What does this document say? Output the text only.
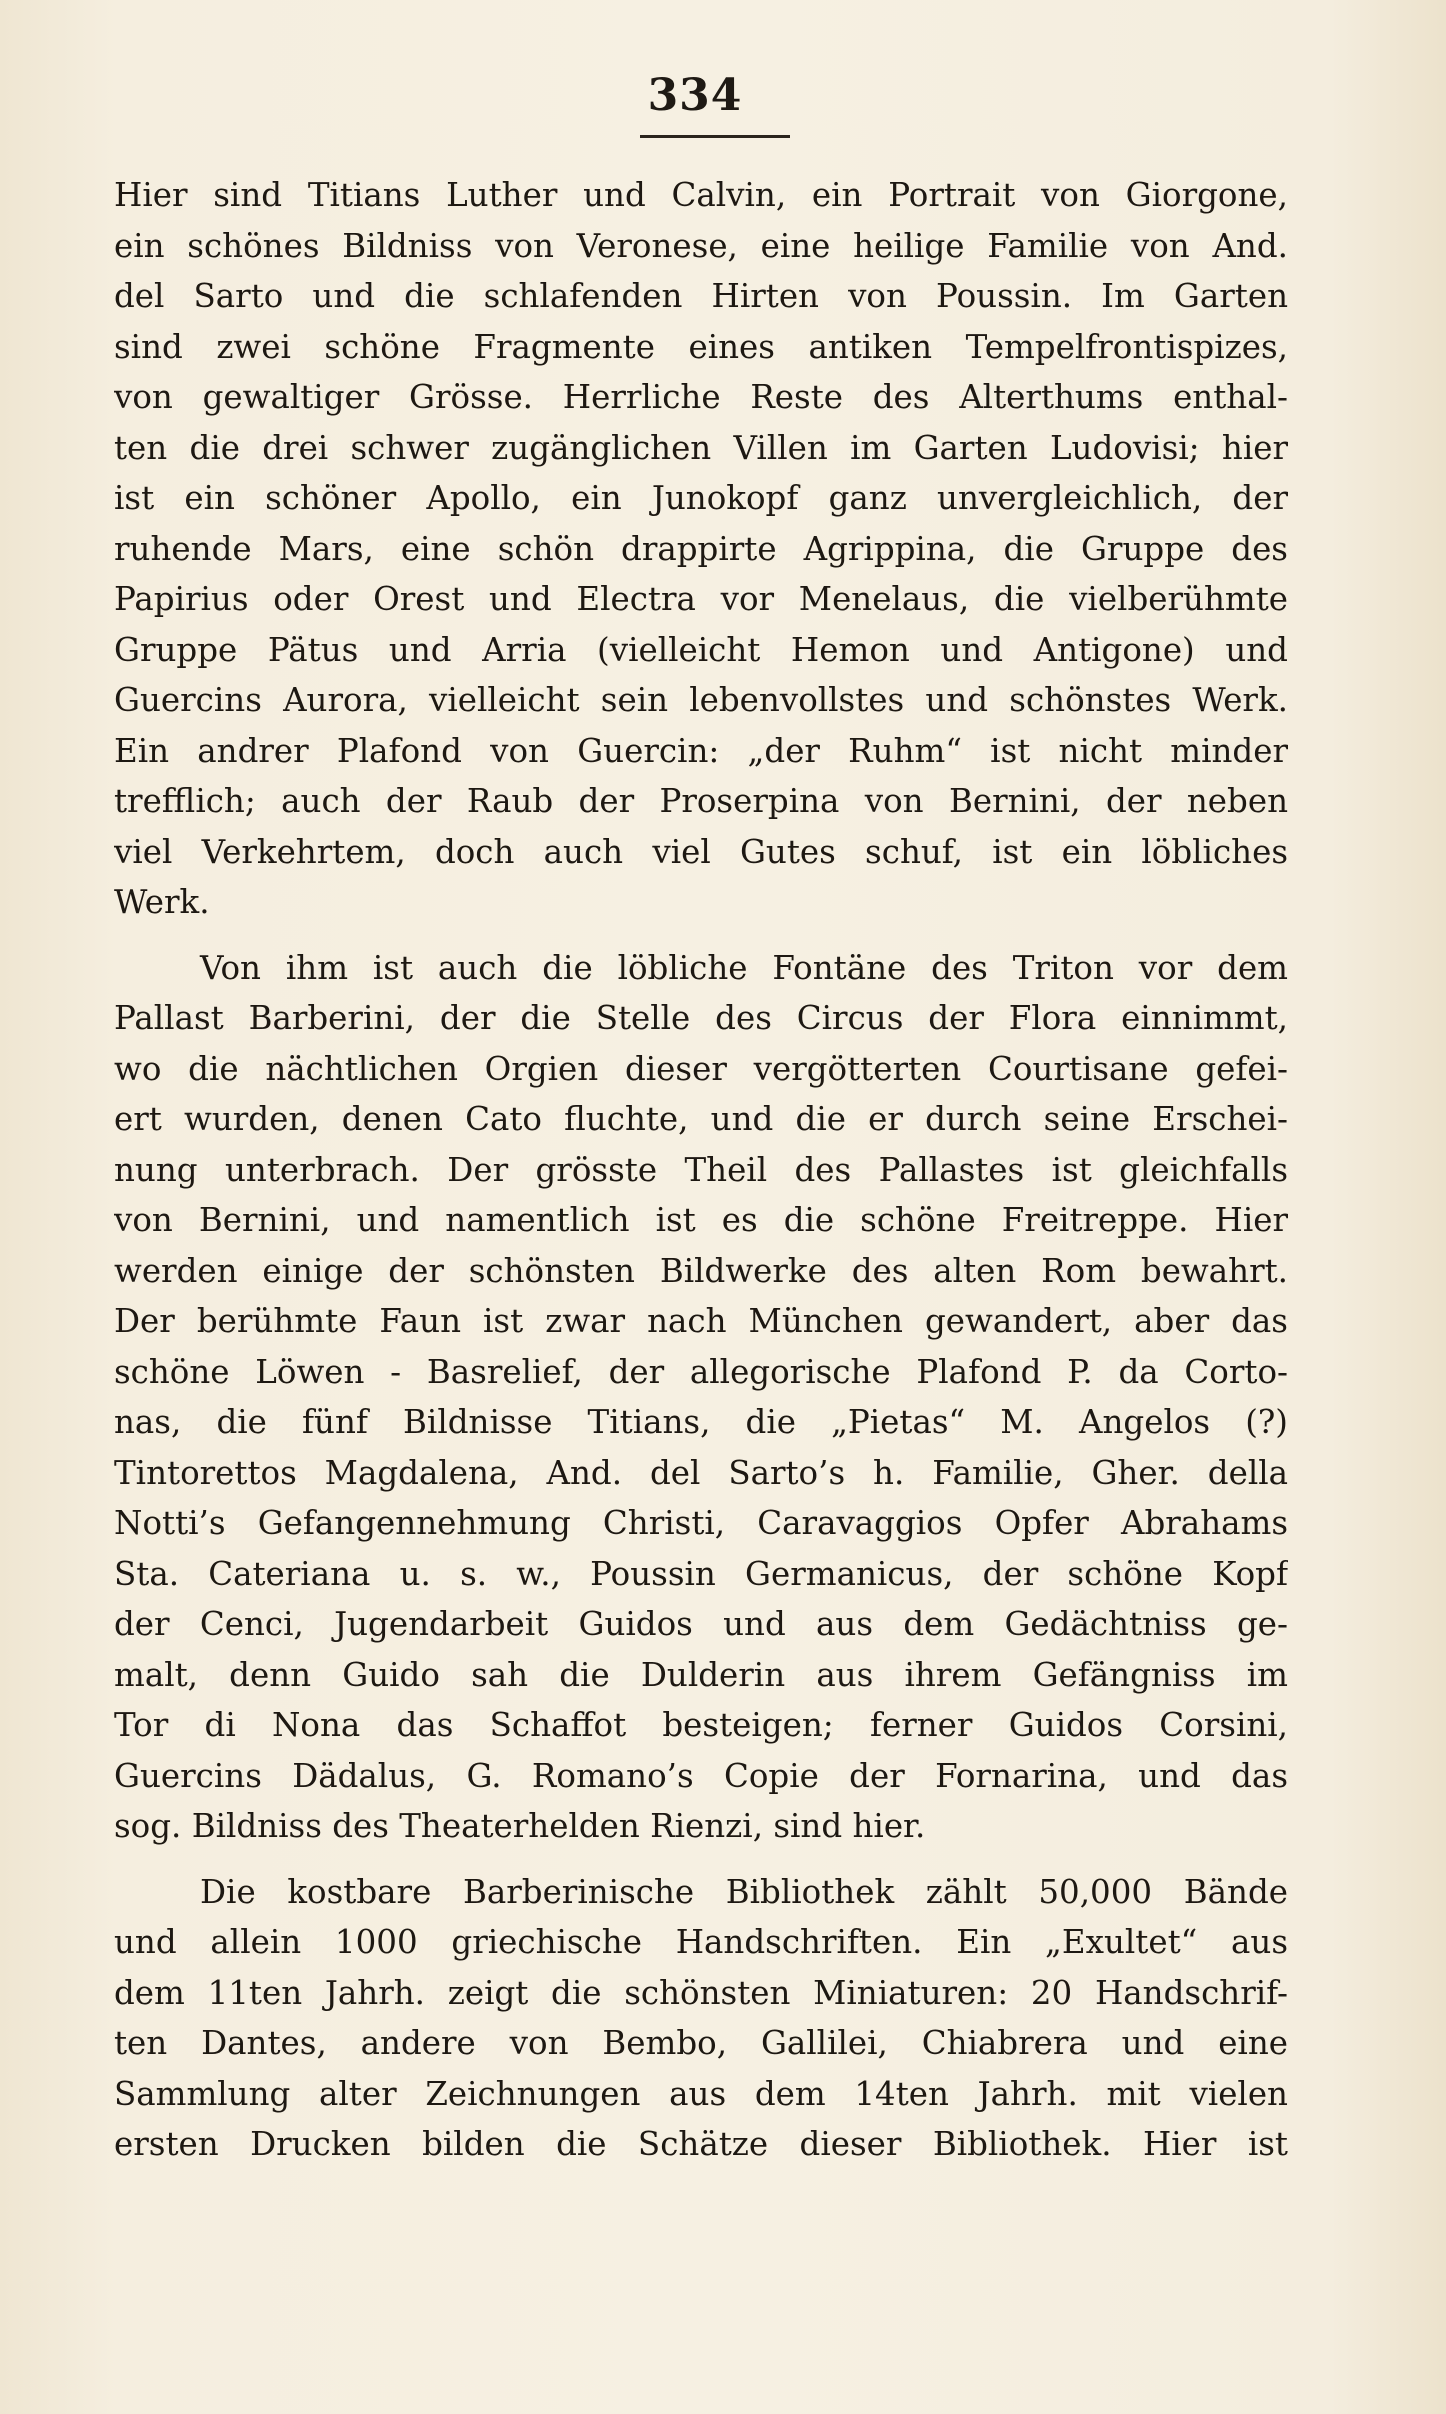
334

Hier sind Titians Luther und Calvin, ein Portrait von Giorgone,
ein schönes Bildniss von Veronese, eine heilige Familie von And.
del Sarto und die schlafenden Hirten von Poussin. Im Garten
sind zwei schöne Fragmente eines antiken Tempelfrontispizes,
von gewaltiger Grösse. Herrliche Reste des Alterthums enthal-
ten die drei schwer zugänglichen Villen im Garten Ludovisi; hier
ist ein schöner Apollo, ein Junokopf ganz unvergleichlich, der
ruhende Mars, eine schön drappirte Agrippina, die Gruppe des
Papirius oder Orest und Electra vor Menelaus, die vielberühmte
Gruppe Pätus und Arria (vielleicht Hemon und Antigone) und
Guercins Aurora, vielleicht sein lebenvollstes und schönstes Werk.
Ein andrer Plafond von Guercin: „der Ruhm“ ist nicht minder
trefflich; auch der Raub der Proserpina von Bernini, der neben
viel Verkehrtem, doch auch viel Gutes schuf, ist ein löbliches
Werk.

Von ihm ist auch die löbliche Fontäne des Triton vor dem
Pallast Barberini, der die Stelle des Circus der Flora einnimmt,
wo die nächtlichen Orgien dieser vergötterten Courtisane gefei-
ert wurden, denen Cato fluchte, und die er durch seine Erschei-
nung unterbrach. Der grösste Theil des Pallastes ist gleichfalls
von Bernini, und namentlich ist es die schöne Freitreppe. Hier
werden einige der schönsten Bildwerke des alten Rom bewahrt.
Der berühmte Faun ist zwar nach München gewandert, aber das
schöne Löwen - Basrelief, der allegorische Plafond P. da Corto-
nas, die fünf Bildnisse Titians, die „Pietas“ M. Angelos (?)
Tintorettos Magdalena, And. del Sarto’s h. Familie, Gher. della
Notti’s Gefangennehmung Christi, Caravaggios Opfer Abrahams
Sta. Cateriana u. s. w., Poussin Germanicus, der schöne Kopf
der Cenci, Jugendarbeit Guidos und aus dem Gedächtniss ge-
malt, denn Guido sah die Dulderin aus ihrem Gefängniss im
Tor di Nona das Schaffot besteigen; ferner Guidos Corsini,
Guercins Dädalus, G. Romano’s Copie der Fornarina, und das
sog. Bildniss des Theaterhelden Rienzi, sind hier.

Die kostbare Barberinische Bibliothek zählt 50,000 Bände
und allein 1000 griechische Handschriften. Ein „Exultet“ aus
dem 11ten Jahrh. zeigt die schönsten Miniaturen: 20 Handschrif-
ten Dantes, andere von Bembo, Gallilei, Chiabrera und eine
Sammlung alter Zeichnungen aus dem 14ten Jahrh. mit vielen
ersten Drucken bilden die Schätze dieser Bibliothek. Hier ist
